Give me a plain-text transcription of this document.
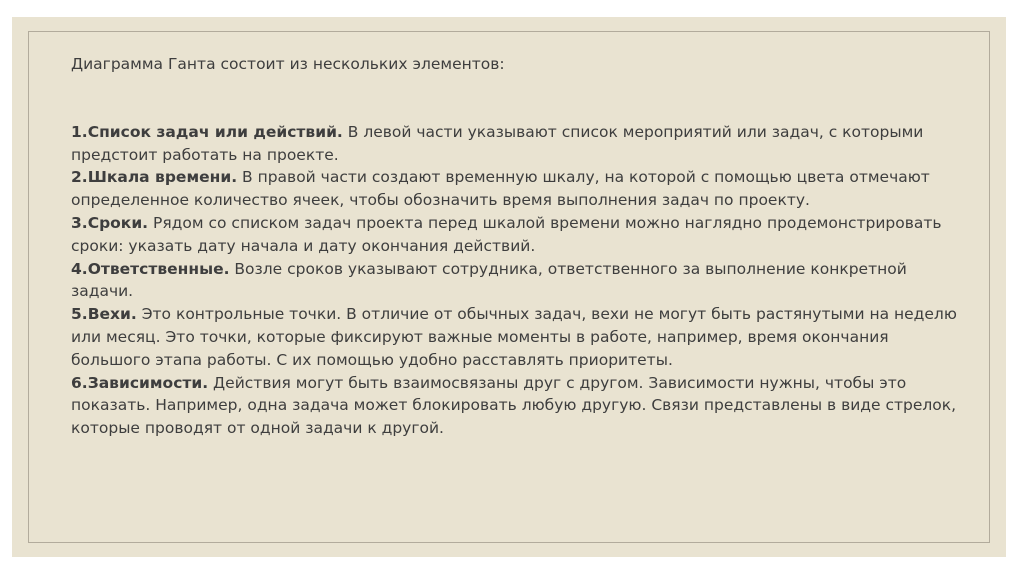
Диаграмма Ганта состоит из нескольких элементов:

1.Список задач или действий. В левой части указывают список мероприятий или задач, с которыми предстоит работать на проекте.

2.Шкала времени. В правой части создают временную шкалу, на которой с помощью цвета отмечают определенное количество ячеек, чтобы обозначить время выполнения задач по проекту.

3.Сроки. Рядом со списком задач проекта перед шкалой времени можно наглядно продемонстрировать сроки: указать дату начала и дату окончания действий.

4.Ответственные. Возле сроков указывают сотрудника, ответственного за выполнение конкретной задачи.

5.Вехи. Это контрольные точки. В отличие от обычных задач, вехи не могут быть растянутыми на неделю или месяц. Это точки, которые фиксируют важные моменты в работе, например, время окончания большого этапа работы. С их помощью удобно расставлять приоритеты.

6.Зависимости. Действия могут быть взаимосвязаны друг с другом. Зависимости нужны, чтобы это показать. Например, одна задача может блокировать любую другую. Связи представлены в виде стрелок, которые проводят от одной задачи к другой.
